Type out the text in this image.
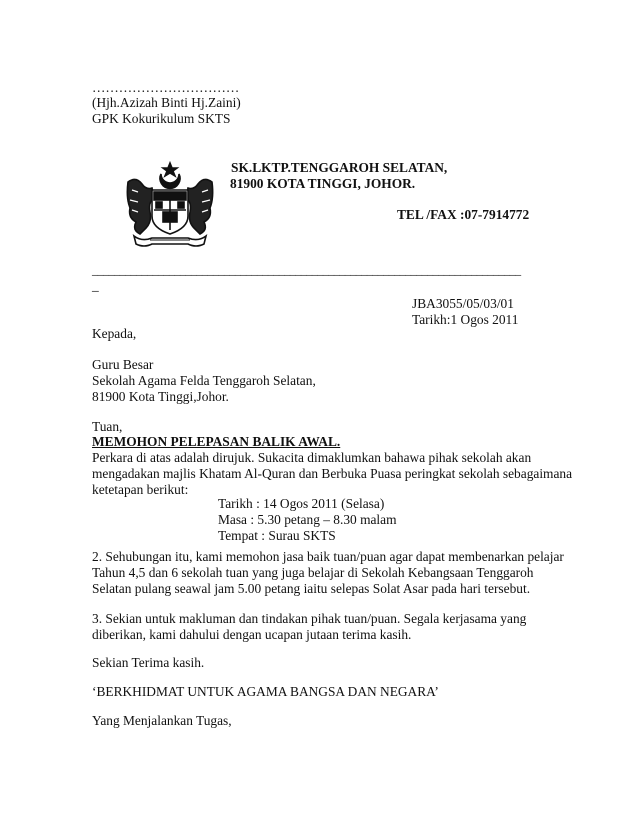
……………………………
(Hjh.Azizah Binti Hj.Zaini)
GPK Kokurikulum SKTS
SK.LKTP.TENGGAROH SELATAN,
81900 KOTA TINGGI, JOHOR.
TEL /FAX :07-7914772
______________________________________________________________________________
_
JBA3055/05/03/01
Tarikh:1 Ogos 2011
Kepada,
Guru Besar
Sekolah Agama Felda Tenggaroh Selatan,
81900 Kota Tinggi,Johor.
Tuan,
MEMOHON PELEPASAN BALIK AWAL.
Perkara di atas adalah dirujuk. Sukacita dimaklumkan bahawa pihak sekolah akan
mengadakan majlis Khatam Al-Quran dan Berbuka Puasa peringkat sekolah sebagaimana
ketetapan berikut:
Tarikh : 14 Ogos 2011 (Selasa)
Masa : 5.30 petang – 8.30 malam
Tempat : Surau SKTS
2. Sehubungan itu, kami memohon jasa baik tuan/puan agar dapat membenarkan pelajar
Tahun 4,5 dan 6 sekolah tuan yang juga belajar di Sekolah Kebangsaan Tenggaroh
Selatan pulang seawal jam 5.00 petang iaitu selepas Solat Asar pada hari tersebut.
3. Sekian untuk makluman dan tindakan pihak tuan/puan. Segala kerjasama yang
diberikan, kami dahului dengan ucapan jutaan terima kasih.
Sekian Terima kasih.
‘BERKHIDMAT UNTUK AGAMA BANGSA DAN NEGARA’
Yang Menjalankan Tugas,
